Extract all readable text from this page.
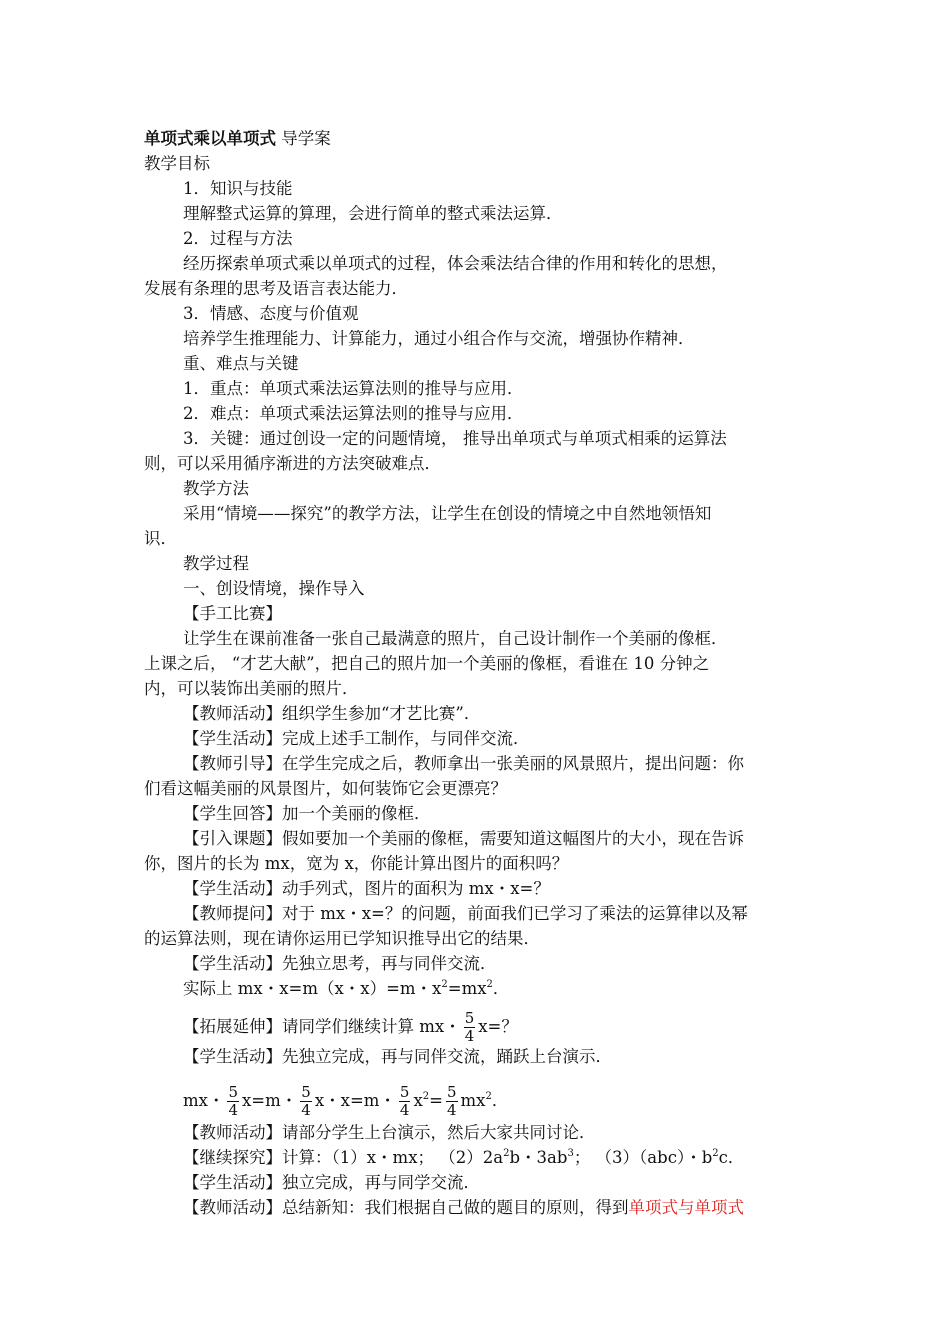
单项式乘以单项式 导学案
教学目标
1．知识与技能
理解整式运算的算理，会进行简单的整式乘法运算．
2．过程与方法
经历探索单项式乘以单项式的过程，体会乘法结合律的作用和转化的思想，
发展有条理的思考及语言表达能力．
3．情感、态度与价值观
培养学生推理能力、计算能力，通过小组合作与交流，增强协作精神．
重、难点与关键
1．重点：单项式乘法运算法则的推导与应用．
2．难点：单项式乘法运算法则的推导与应用．
3．关键：通过创设一定的问题情境， 推导出单项式与单项式相乘的运算法
则，可以采用循序渐进的方法突破难点．
教学方法
采用“情境——探究”的教学方法，让学生在创设的情境之中自然地领悟知
识．
教学过程
一、创设情境，操作导入
【手工比赛】
让学生在课前准备一张自己最满意的照片，自己设计制作一个美丽的像框．
上课之后， “才艺大献”，把自己的照片加一个美丽的像框，看谁在 10 分钟之
内，可以装饰出美丽的照片．
【教师活动】组织学生参加“才艺比赛”．
【学生活动】完成上述手工制作，与同伴交流．
【教师引导】在学生完成之后，教师拿出一张美丽的风景照片，提出问题：你
们看这幅美丽的风景图片，如何装饰它会更漂亮？
【学生回答】加一个美丽的像框．
【引入课题】假如要加一个美丽的像框，需要知道这幅图片的大小，现在告诉
你，图片的长为 mx，宽为 x，你能计算出图片的面积吗？
【学生活动】动手列式，图片的面积为 mx・x=？
【教师提问】对于 mx・x=？的问题，前面我们已学习了乘法的运算律以及幂
的运算法则，现在请你运用已学知识推导出它的结果．
【学生活动】先独立思考，再与同伴交流．
实际上 mx・x=m（x・x）=m・$x^2=mx^2$．
【拓展延伸】请同学们继续计算 mx・ $\frac{5}{4} x=$？
【学生活动】先独立完成，再与同伴交流，踊跃上台演示．
mx・ $\frac{5}{4} x=m$・ $\frac{5}{4}$ x・x=m・ $\frac{5}{4} x^2= \frac{5}{4} mx^2$．
【教师活动】请部分学生上台演示，然后大家共同讨论．
【继续探究】计算：（1）x・mx； $(2)2a^2b$・$3ab^3$； （3）（abc）・$b^2c$．
【学生活动】独立完成，再与同学交流．
【教师活动】总结新知：我们根据自己做的题目的原则，得到单项式与单项式
